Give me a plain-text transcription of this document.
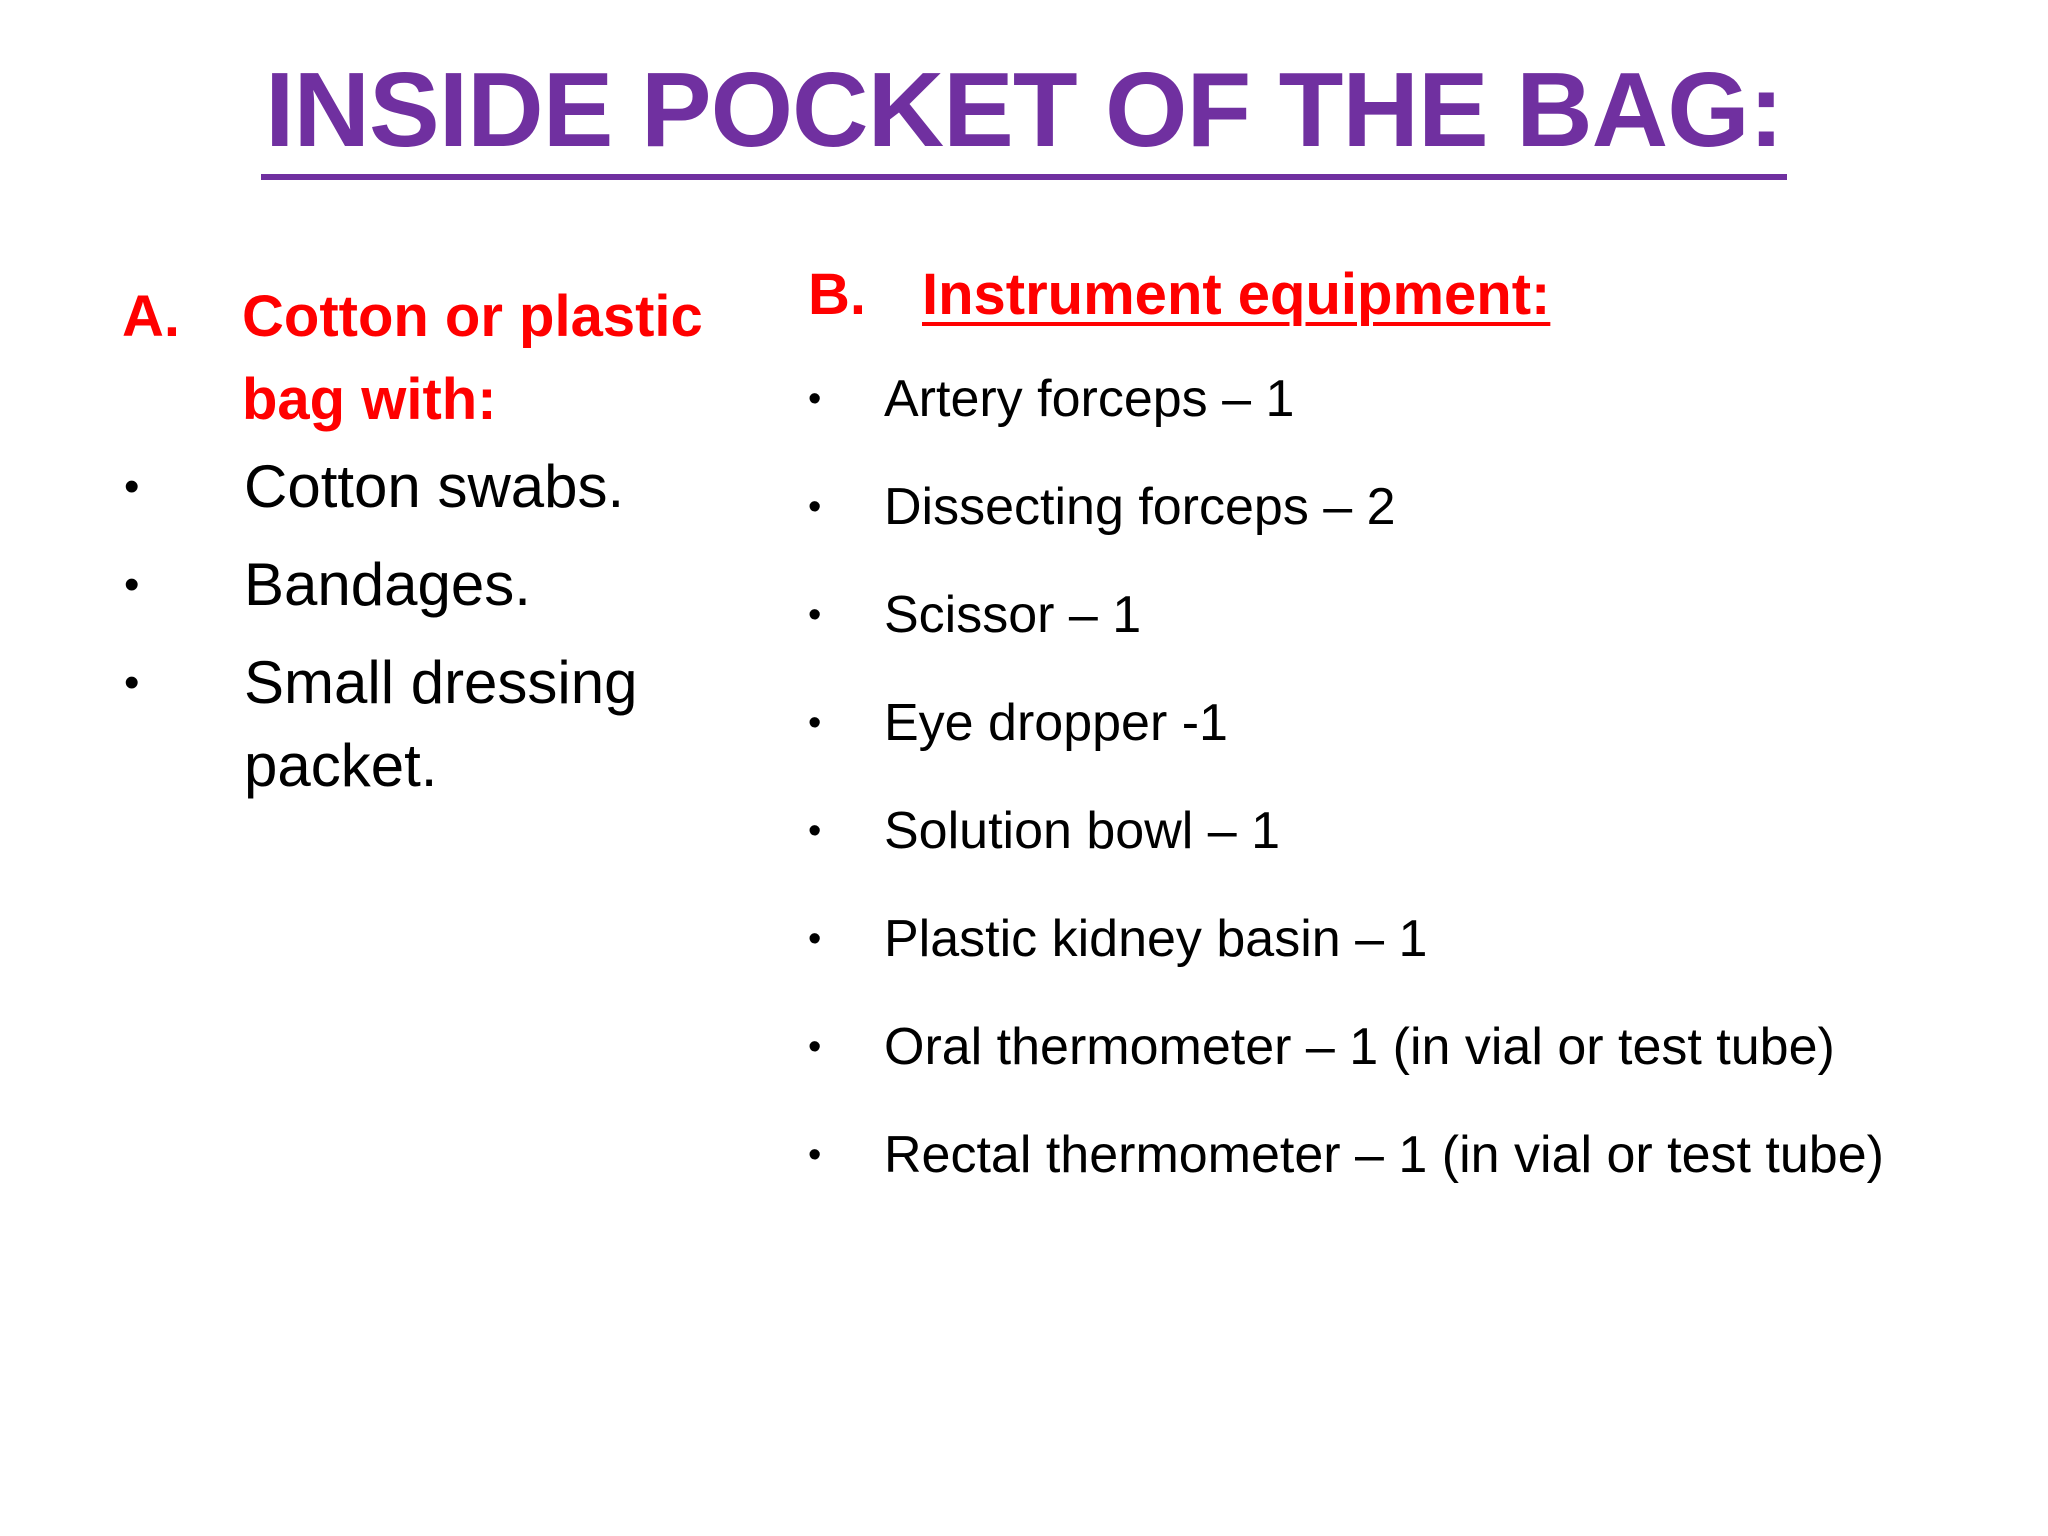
INSIDE POCKET OF THE BAG:
A.	Cotton or plastic bag with:
•	Cotton swabs.
•	Bandages.
•	Small dressing packet.
B. Instrument equipment:
•	Artery forceps – 1
•	Dissecting forceps – 2
•	Scissor – 1
•	Eye dropper -1
•	Solution bowl – 1
•	Plastic kidney basin – 1
•	Oral thermometer – 1 (in vial or test tube)
•	Rectal thermometer – 1 (in vial or test tube)
